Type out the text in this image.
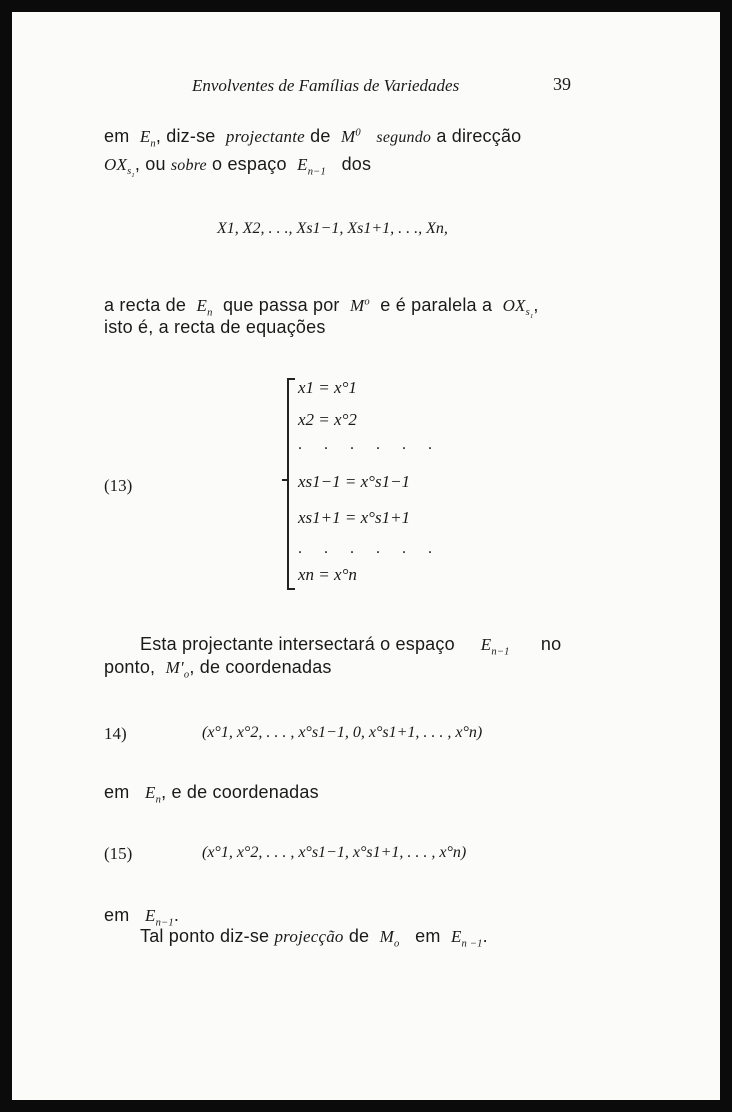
Envolventes de Famílias de Variedades	39
em $E_n$, diz-se projectante de $M^0$ segundo a direcção
$OX_{s_1}$, ou sobre o espaço $E_{n-1}$ dos
X1, X2, . . ., Xs1−1, Xs1+1, . . ., Xn,
a recta de $E_n$ que passa por $M^o$ e é paralela a $OX_{s_1}$,
isto é, a recta de equações
(13)
x1 = x°1
x2 = x°2
. . . . . .
xs1−1 = x°s1−1
xs1+1 = x°s1+1
. . . . . .
xn = x°n
Esta projectante intersectará o espaço $E_{n-1}$ no
ponto, $M'_o$, de coordenadas
14)	(x°1, x°2, . . . , x°s1−1, 0, x°s1+1, . . . , x°n)
em $E_n$, e de coordenadas
(15)	(x°1, x°2, . . . , x°s1−1, x°s1+1, . . . , x°n)
em $E_{n-1}$.
Tal ponto diz-se projecção de $M_o$ em $E_{n -1}$.
